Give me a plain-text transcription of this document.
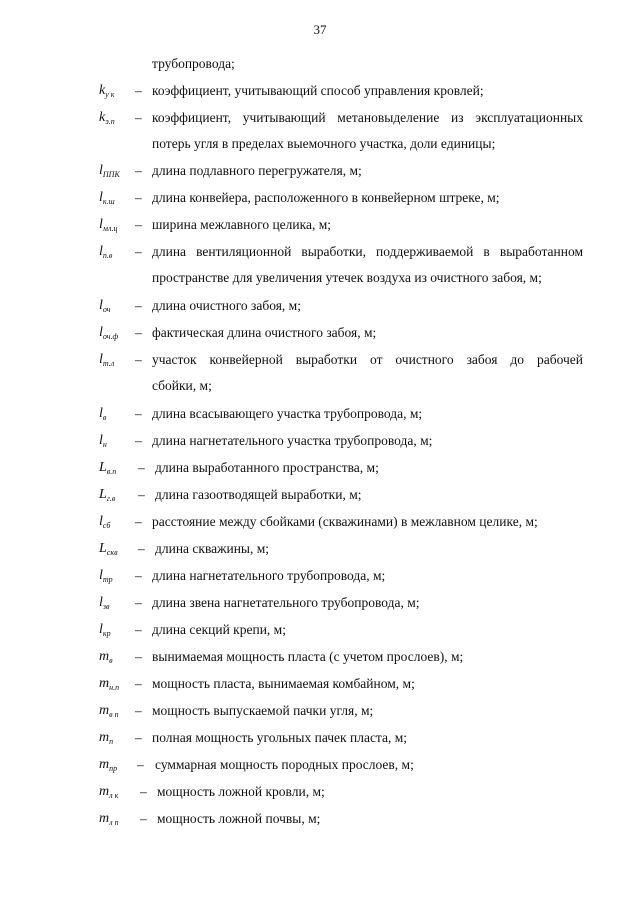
37
трубопровода;
$k_{у к}$ – коэффициент, учитывающий способ управления кровлей;
$k_{э.п}$ – коэффициент, учитывающий метановыделение из эксплуатационных
потерь угля в пределах выемочного участка, доли единицы;
$l_{ППК}$ – длина подлавного перегружателя, м;
$l_{к.ш}$ – длина конвейера, расположенного в конвейерном штреке, м;
$l_{мл.ц}$ – ширина межлавного целика, м;
$l_{п.в}$ – длина вентиляционной выработки, поддерживаемой в выработанном
пространстве для увеличения утечек воздуха из очистного забоя, м;
$l_{оч}$ – длина очистного забоя, м;
$l_{оч.ф}$ – фактическая длина очистного забоя, м;
$l_{т.л}$ – участок конвейерной выработки от очистного забоя до рабочей
сбойки, м;
$l_в$ – длина всасывающего участка трубопровода, м;
$l_н$ – длина нагнетательного участка трубопровода, м;
$L_{в.п}$ – длина выработанного пространства, м;
$L_{г.в}$ – длина газоотводящей выработки, м;
$l_{сб}$ – расстояние между сбойками (скважинами) в межлавном целике, м;
$L_{скв}$ – длина скважины, м;
$l_{тр}$ – длина нагнетательного трубопровода, м;
$l_{зв}$ – длина звена нагнетательного трубопровода, м;
$l_{кр}$ – длина секций крепи, м;
$m_в$ – вынимаемая мощность пласта (с учетом прослоев), м;
$m_{н.п}$ – мощность пласта, вынимаемая комбайном, м;
$m_{в п}$ – мощность выпускаемой пачки угля, м;
$m_п$ – полная мощность угольных пачек пласта, м;
$m_{пр}$ – суммарная мощность породных прослоев, м;
$m_{л к}$ – мощность ложной кровли, м;
$m_{л п}$ – мощность ложной почвы, м;
